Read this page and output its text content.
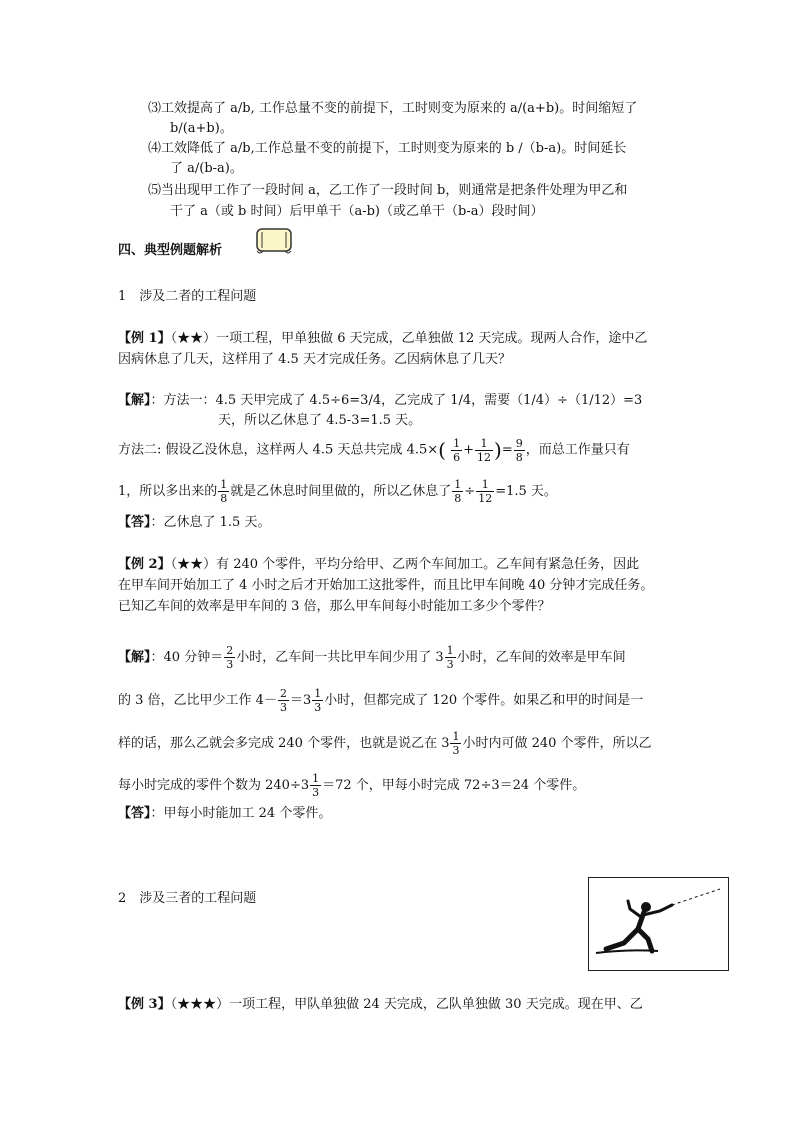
⑶工效提高了 a/b, 工作总量不变的前提下，工时则变为原来的 a/(a+b)。时间缩短了
b/(a+b)。
⑷工效降低了 a/b,工作总量不变的前提下，工时则变为原来的 b /（b-a)。时间延长
了 a/(b-a)。
⑸当出现甲工作了一段时间 a，乙工作了一段时间 b，则通常是把条件处理为甲乙和
干了 a（或 b 时间）后甲单干（a-b)（或乙单干（b-a）段时间）
四、典型例题解析
1　涉及二者的工程问题
【例 1】（★★）一项工程，甲单独做 6 天完成，乙单独做 12 天完成。现两人合作，途中乙
因病休息了几天，这样用了 4.5 天才完成任务。乙因病休息了几天？
【解】：方法一：4.5 天甲完成了 4.5÷6=3/4，乙完成了 1/4，需要（1/4）÷（1/12）=3
天，所以乙休息了 4.5-3=1.5 天。
方法二: 假设乙没休息，这样两人 4.5 天总共完成 $4.5\times( \frac{1}{6} + \frac{1}{12}$ )= $\frac{9}{8}$ ，而总工作量只有
1，所以多出来的 $\frac{1}{8}$ 就是乙休息时间里做的，所以乙休息了 $\frac{1}{8} \div \frac{1}{12} =1.5$ 天。
【答】：乙休息了 1.5 天。
【例 2】（★★）有 240 个零件，平均分给甲、乙两个车间加工。乙车间有紧急任务，因此
在甲车间开始加工了 4 小时之后才开始加工这批零件，而且比甲车间晚 40 分钟才完成任务。
已知乙车间的效率是甲车间的 3 倍，那么甲车间每小时能加工多少个零件？
【解】：40 分钟＝ $\frac{2}{3}$ 小时，乙车间一共比甲车间少用了 $3 \frac{1}{3}$ 小时，乙车间的效率是甲车间
的 3 倍，乙比甲少工作 $4- \frac{2}{3} =3 \frac{1}{3}$ 小时，但都完成了 120 个零件。如果乙和甲的时间是一
样的话，那么乙就会多完成 240 个零件，也就是说乙在 $3 \frac{1}{3}$ 小时内可做 240 个零件，所以乙
每小时完成的零件个数为 $240\div 3 \frac{1}{3} =72$ 个，甲每小时完成 72÷3＝24 个零件。
【答】：甲每小时能加工 24 个零件。
2　涉及三者的工程问题
【例 3】（★★★）一项工程，甲队单独做 24 天完成，乙队单独做 30 天完成。现在甲、乙
